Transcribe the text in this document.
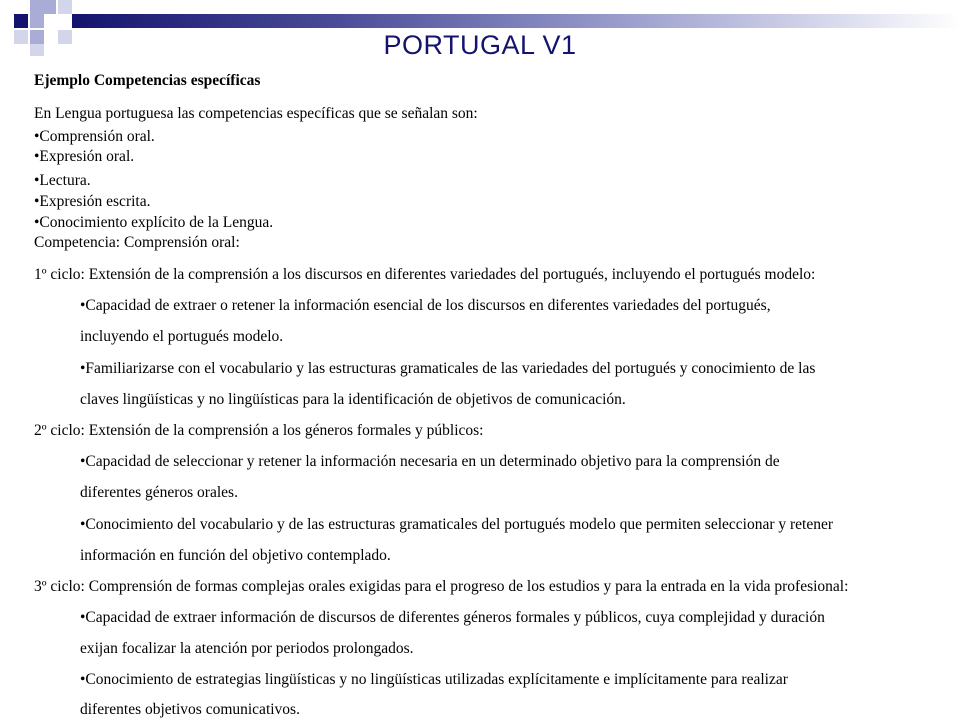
PORTUGAL V1
Ejemplo Competencias específicas
En Lengua portuguesa las competencias específicas que se señalan son:
•Comprensión oral.
•Expresión oral.
•Lectura.
•Expresión escrita.
•Conocimiento explícito de la Lengua.
Competencia: Comprensión oral:
1º ciclo: Extensión de la comprensión a los discursos en diferentes variedades del portugués, incluyendo el portugués modelo:
•Capacidad de extraer o retener la información esencial de los discursos en diferentes variedades del portugués,
incluyendo el portugués modelo.
•Familiarizarse con el vocabulario y las estructuras gramaticales de las variedades del portugués y conocimiento de las
claves lingüísticas y no lingüísticas para la identificación de objetivos de comunicación.
2º ciclo: Extensión de la comprensión a los géneros formales y públicos:
•Capacidad de seleccionar y retener la información necesaria en un determinado objetivo para la comprensión de
diferentes géneros orales.
•Conocimiento del vocabulario y de las estructuras gramaticales del portugués modelo que permiten seleccionar y retener
información en función del objetivo contemplado.
3º ciclo: Comprensión de formas complejas orales exigidas para el progreso de los estudios y para la entrada en la vida profesional:
•Capacidad de extraer información de discursos de diferentes géneros formales y públicos, cuya complejidad y duración
exijan focalizar la atención por periodos prolongados.
•Conocimiento de estrategias lingüísticas y no lingüísticas utilizadas explícitamente e implícitamente para realizar
diferentes objetivos comunicativos.
